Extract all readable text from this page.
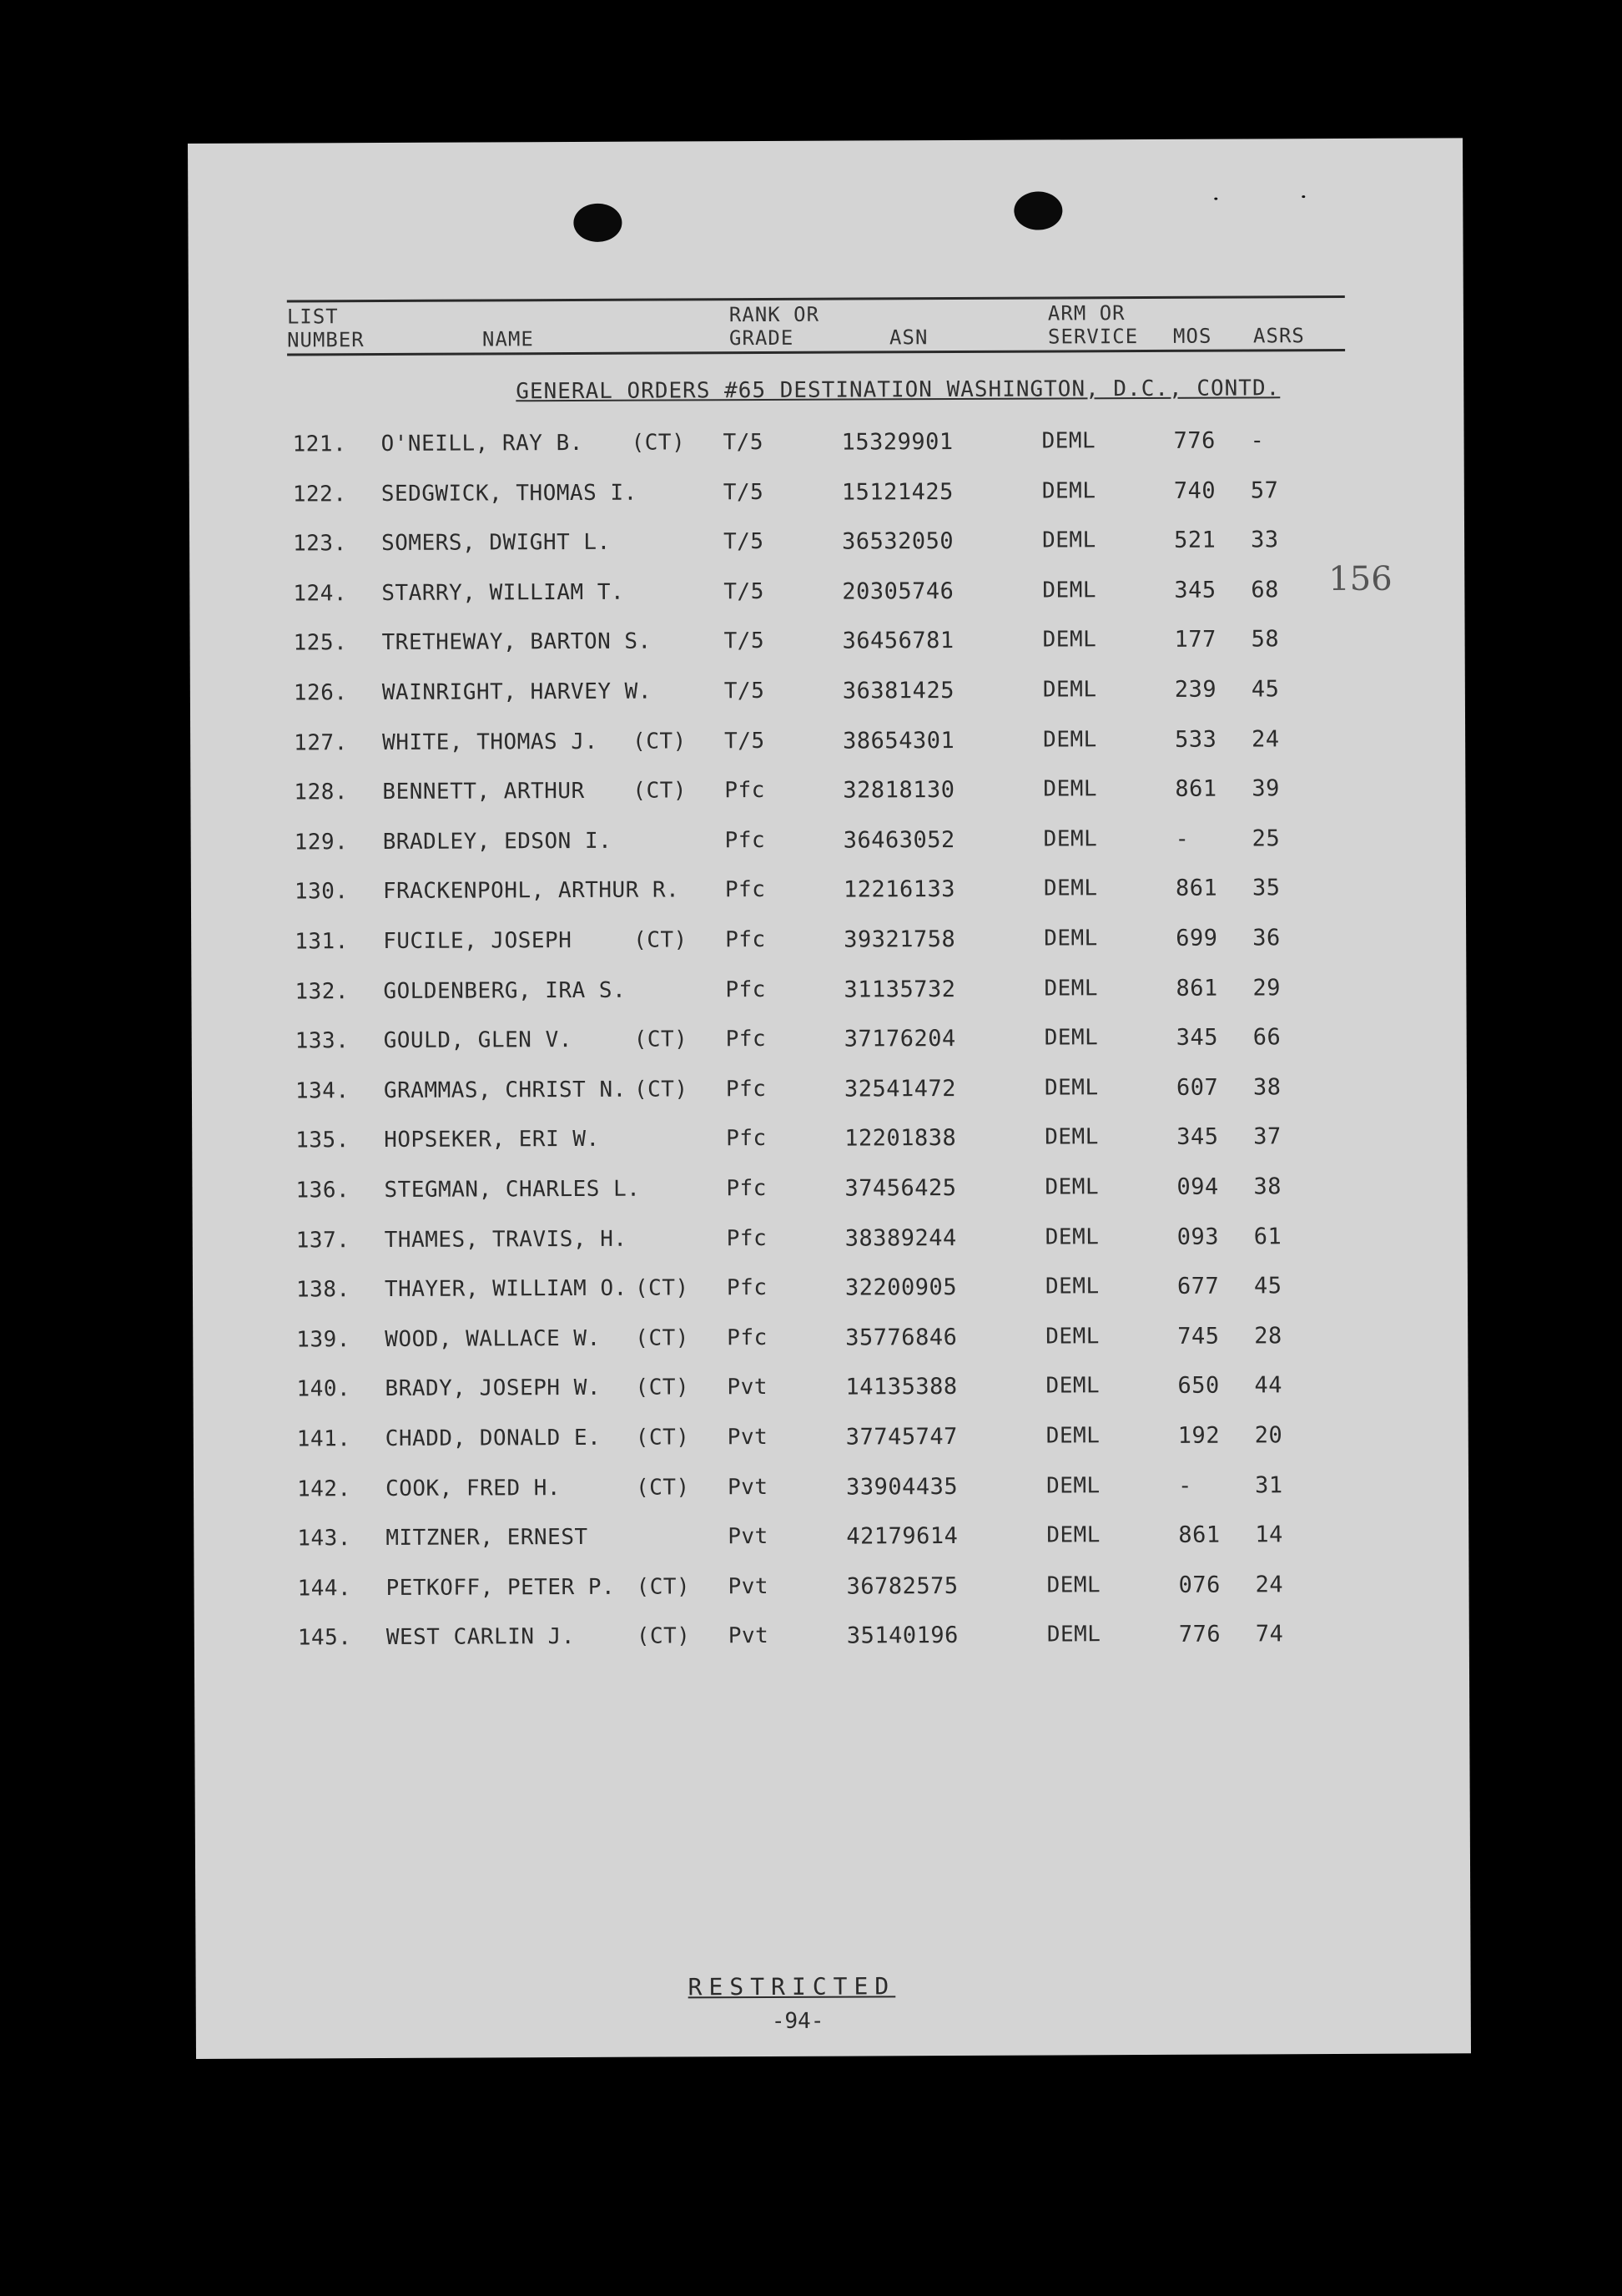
LIST
NUMBER	NAME
RANK OR
GRADE	ASN
ARM OR
SERVICE MOS ASRS
GENERAL ORDERS #65 DESTINATION WASHINGTON, D.C., CONTD.
156
121. O'NEILL, RAY B. (CT) T/5	15329901	DEML	776 -
122. SEDGWICK, THOMAS I.	T/5	15121425	DEML	740 57
123. SOMERS, DWIGHT L.	T/5	36532050	DEML	521 33
124. STARRY, WILLIAM T.	T/5	20305746	DEML	345 68
125. TRETHEWAY, BARTON S.	T/5	36456781	DEML	177 58
126. WAINRIGHT, HARVEY W.	T/5	36381425	DEML	239 45
127. WHITE, THOMAS J. (CT) T/5	38654301	DEML	533 24
128. BENNETT, ARTHUR (CT) Pfc	32818130	DEML	861 39
129. BRADLEY, EDSON I.	Pfc	36463052	DEML	-	25
130. FRACKENPOHL, ARTHUR R. Pfc	12216133	DEML	861 35
131. FUCILE, JOSEPH	(CT) Pfc	39321758	DEML	699 36
132. GOLDENBERG, IRA S.	Pfc	31135732	DEML	861 29
133. GOULD, GLEN V.	(CT) Pfc	37176204	DEML	345 66
134. GRAMMAS, CHRIST N. (CT) Pfc	32541472	DEML	607 38
135. HOPSEKER, ERI W.	Pfc	12201838	DEML	345 37
136. STEGMAN, CHARLES L.	Pfc	37456425	DEML	094 38
137. THAMES, TRAVIS, H.	Pfc	38389244	DEML	093 61
138. THAYER, WILLIAM O. (CT) Pfc	32200905	DEML	677 45
139. WOOD, WALLACE W. (CT) Pfc	35776846	DEML	745 28
140. BRADY, JOSEPH W. (CT) Pvt	14135388	DEML	650 44
141. CHADD, DONALD E. (CT) Pvt	37745747	DEML	192 20
142. COOK, FRED H.	(CT) Pvt	33904435	DEML	-	31
143. MITZNER, ERNEST	Pvt	42179614	DEML	861 14
144. PETKOFF, PETER P. (CT) Pvt	36782575	DEML	076 24
145. WEST CARLIN J.	(CT) Pvt	35140196	DEML	776 74
RESTRICTED
-94-
